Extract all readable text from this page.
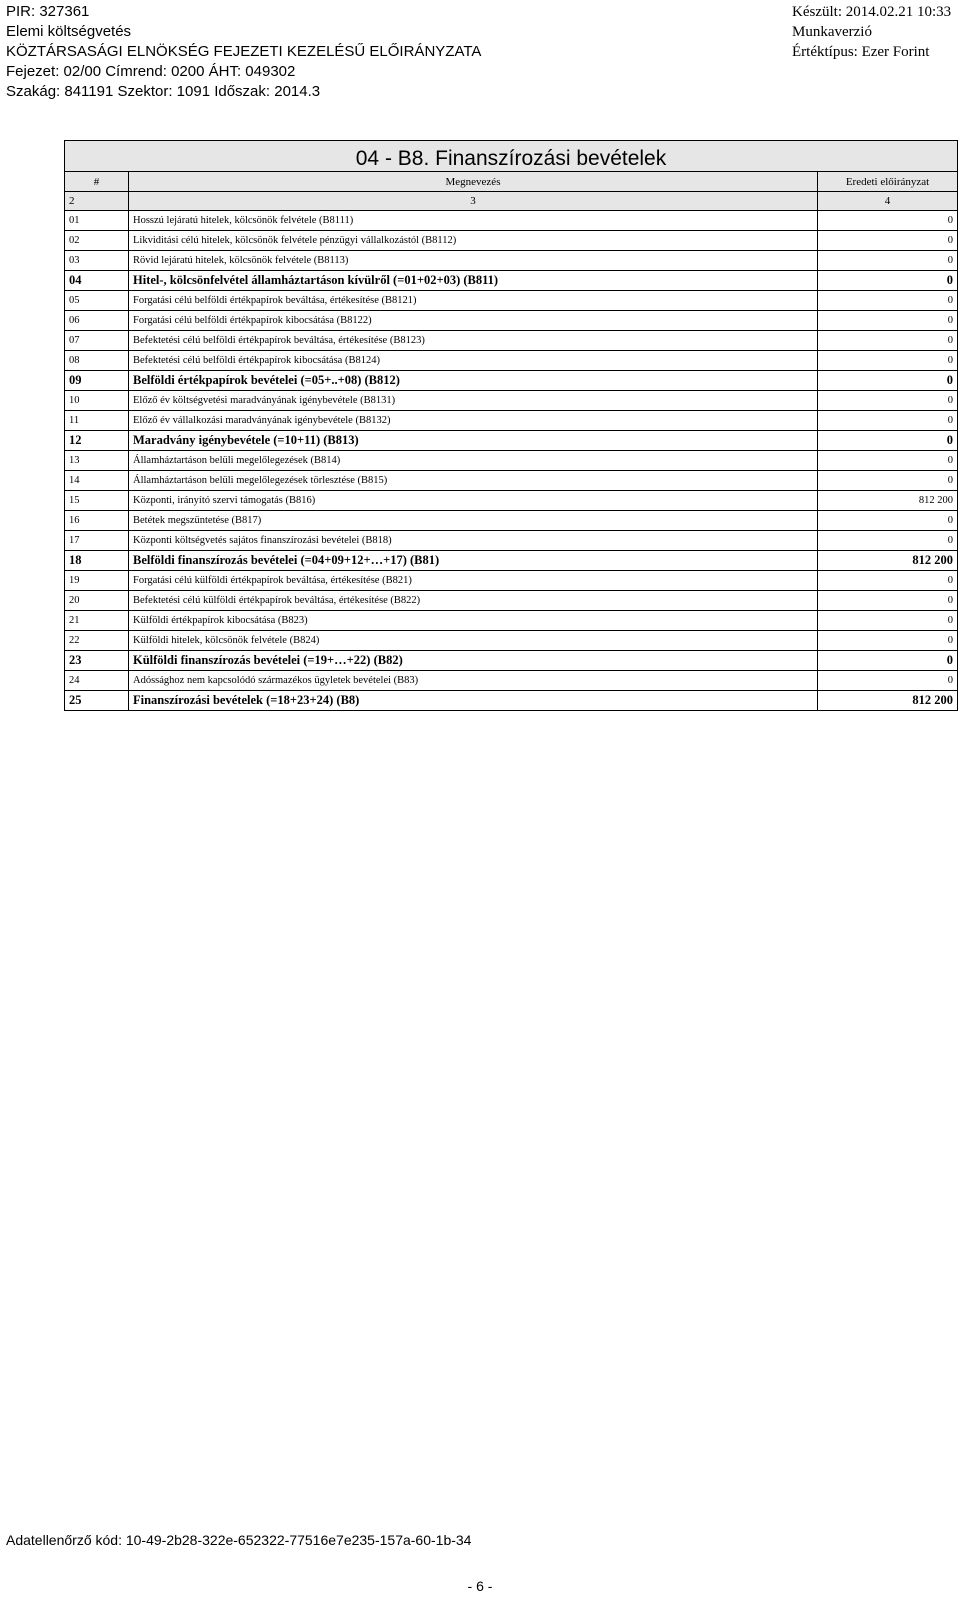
PIR: 327361
Elemi költségvetés
KÖZTÁRSASÁGI ELNÖKSÉG FEJEZETI KEZELÉSŰ ELŐIRÁNYZATA
Fejezet: 02/00 Címrend: 0200 ÁHT: 049302
Szakág: 841191 Szektor: 1091 Időszak: 2014.3
Készült: 2014.02.21 10:33
Munkaverzió
Értéktípus: Ezer Forint
04 - B8. Finanszírozási bevételek		
#	Megnevezés	Eredeti előirányzat
2	3	4
01	Hosszú lejáratú hitelek, kölcsönök felvétele (B8111)	0
02	Likviditási célú hitelek, kölcsönök felvétele pénzügyi vállalkozástól (B8112)	0
03	Rövid lejáratú hitelek, kölcsönök felvétele (B8113)	0
04	Hitel-, kölcsönfelvétel államháztartáson kívülről (=01+02+03) (B811)	0
05	Forgatási célú belföldi értékpapírok beváltása, értékesítése (B8121)	0
06	Forgatási célú belföldi értékpapírok kibocsátása (B8122)	0
07	Befektetési célú belföldi értékpapírok beváltása, értékesítése (B8123)	0
08	Befektetési célú belföldi értékpapírok kibocsátása (B8124)	0
09	Belföldi értékpapírok bevételei (=05+..+08) (B812)	0
10	Előző év költségvetési maradványának igénybevétele (B8131)	0
11	Előző év vállalkozási maradványának igénybevétele (B8132)	0
12	Maradvány igénybevétele (=10+11) (B813)	0
13	Államháztartáson belüli megelőlegezések (B814)	0
14	Államháztartáson belüli megelőlegezések törlesztése (B815)	0
15	Központi, irányító szervi támogatás (B816)	812 200
16	Betétek megszüntetése (B817)	0
17	Központi költségvetés sajátos finanszírozási bevételei (B818)	0
18	Belföldi finanszírozás bevételei (=04+09+12+…+17) (B81)	812 200
19	Forgatási célú külföldi értékpapírok beváltása, értékesítése (B821)	0
20	Befektetési célú külföldi értékpapírok beváltása, értékesítése (B822)	0
21	Külföldi értékpapírok kibocsátása (B823)	0
22	Külföldi hitelek, kölcsönök felvétele (B824)	0
23	Külföldi finanszírozás bevételei (=19+…+22) (B82)	0
24	Adóssághoz nem kapcsolódó származékos ügyletek bevételei (B83)	0
25	Finanszírozási bevételek (=18+23+24) (B8)	812 200
Adatellenőrző kód: 10-49-2b28-322e-652322-77516e7e235-157a-60-1b-34
- 6 -
